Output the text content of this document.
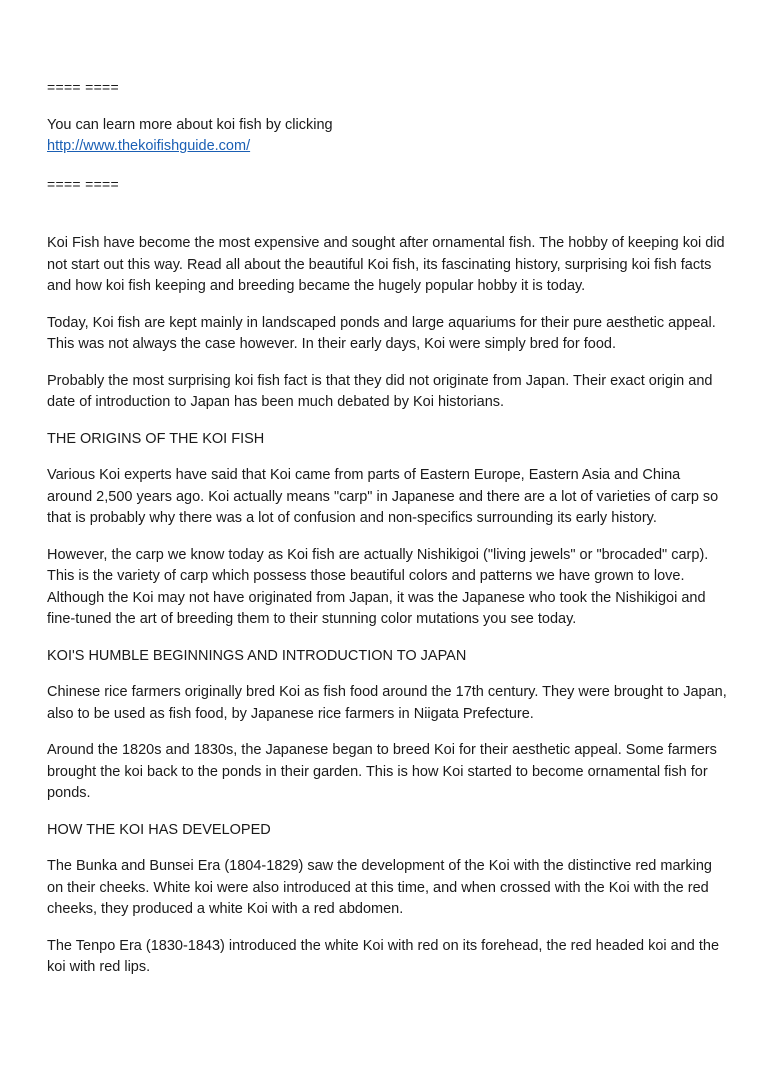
==== ====

You can learn more about koi fish by clicking
http://www.thekoifishguide.com/

==== ====

Koi Fish have become the most expensive and sought after ornamental fish. The hobby of keeping koi did not start out this way. Read all about the beautiful Koi fish, its fascinating history, surprising koi fish facts and how koi fish keeping and breeding became the hugely popular hobby it is today.

Today, Koi fish are kept mainly in landscaped ponds and large aquariums for their pure aesthetic appeal. This was not always the case however. In their early days, Koi were simply bred for food.

Probably the most surprising koi fish fact is that they did not originate from Japan. Their exact origin and date of introduction to Japan has been much debated by Koi historians.

THE ORIGINS OF THE KOI FISH

Various Koi experts have said that Koi came from parts of Eastern Europe, Eastern Asia and China around 2,500 years ago. Koi actually means "carp" in Japanese and there are a lot of varieties of carp so that is probably why there was a lot of confusion and non-specifics surrounding its early history.

However, the carp we know today as Koi fish are actually Nishikigoi ("living jewels" or "brocaded" carp). This is the variety of carp which possess those beautiful colors and patterns we have grown to love. Although the Koi may not have originated from Japan, it was the Japanese who took the Nishikigoi and fine-tuned the art of breeding them to their stunning color mutations you see today.

KOI'S HUMBLE BEGINNINGS AND INTRODUCTION TO JAPAN

Chinese rice farmers originally bred Koi as fish food around the 17th century. They were brought to Japan, also to be used as fish food, by Japanese rice farmers in Niigata Prefecture.

Around the 1820s and 1830s, the Japanese began to breed Koi for their aesthetic appeal. Some farmers brought the koi back to the ponds in their garden. This is how Koi started to become ornamental fish for ponds.

HOW THE KOI HAS DEVELOPED

The Bunka and Bunsei Era (1804-1829) saw the development of the Koi with the distinctive red marking on their cheeks. White koi were also introduced at this time, and when crossed with the Koi with the red cheeks, they produced a white Koi with a red abdomen.

The Tenpo Era (1830-1843) introduced the white Koi with red on its forehead, the red headed koi and the koi with red lips.
